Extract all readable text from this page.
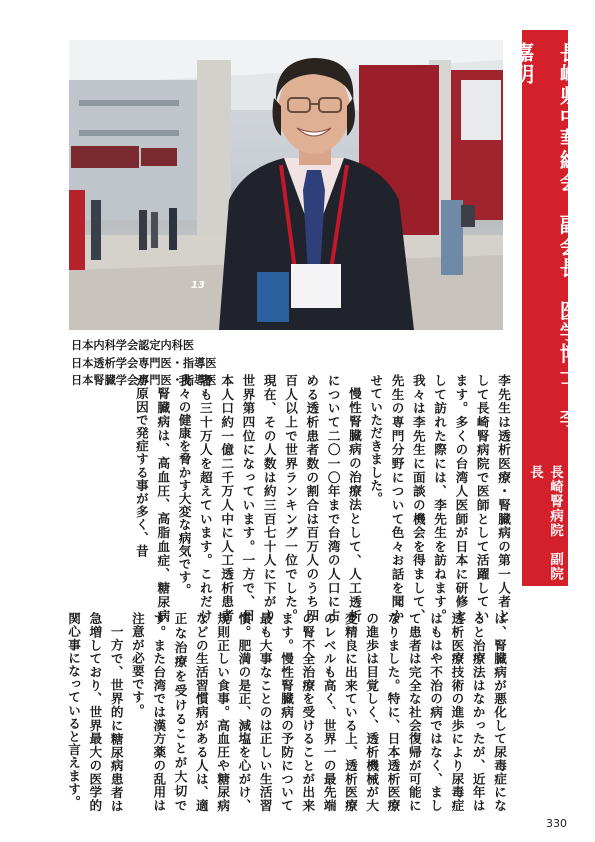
13
日本内科学会認定内科医
日本透析学会専門医・指導医
日本腎臓学会専門医・指導医	長崎県中華総会　副会長　医学博士　李　嘉明
長崎腎病院　副院長

李先生は透析医療・腎臓病の第一人者として長崎腎病院で医師として活躍しています。多くの台湾人医師が日本に研修として訪れた際には、李先生を訪ねます。我々は李先生に面談の機会を得まして、先生の専門分野について色々お話を聞かせていただきました。

慢性腎臓病の治療法として、人工透析について二〇一〇年まで台湾の人口に占める透析患者数の割合は百万人のうち四百人以上で世界ランキング一位でした。現在、その人数は約三百七十人に下がり世界第四位になっています。一方で、日本人口約一億二千万人中に人工透析患者者も三十万人を超えています。これだけ我々の健康を脅かす大変な病気です。

腎臓病は、高血圧、高脂血症、糖尿病が原因で発症する事が多く、昔

は、腎臓病が悪化して尿毒症になると治療法はなかったが、近年は透析医療技術の進歩により尿毒症はもはや不治の病ではなく、まして患者は完全な社会復帰が可能になりました。特に、日本透析医療の進歩は目覚しく、透析機械が大変精良に出来ている上、透析医療のレベルも高く、世界一の最先端の腎不全治療を受けることが出来ます。慢性腎臓病の予防について最も大事なことのは正しい生活習慣。肥満の是正、減塩を心がけ、規則正しい食事。高血圧や糖尿病などの生活習慣病がある人は、適正な治療を受けることが大切です。また台湾では漢方薬の乱用は注意が必要です。

一方で、世界的に糖尿病患者は急増しており、世界最大の医学的関心事になっていると言えます。

330
